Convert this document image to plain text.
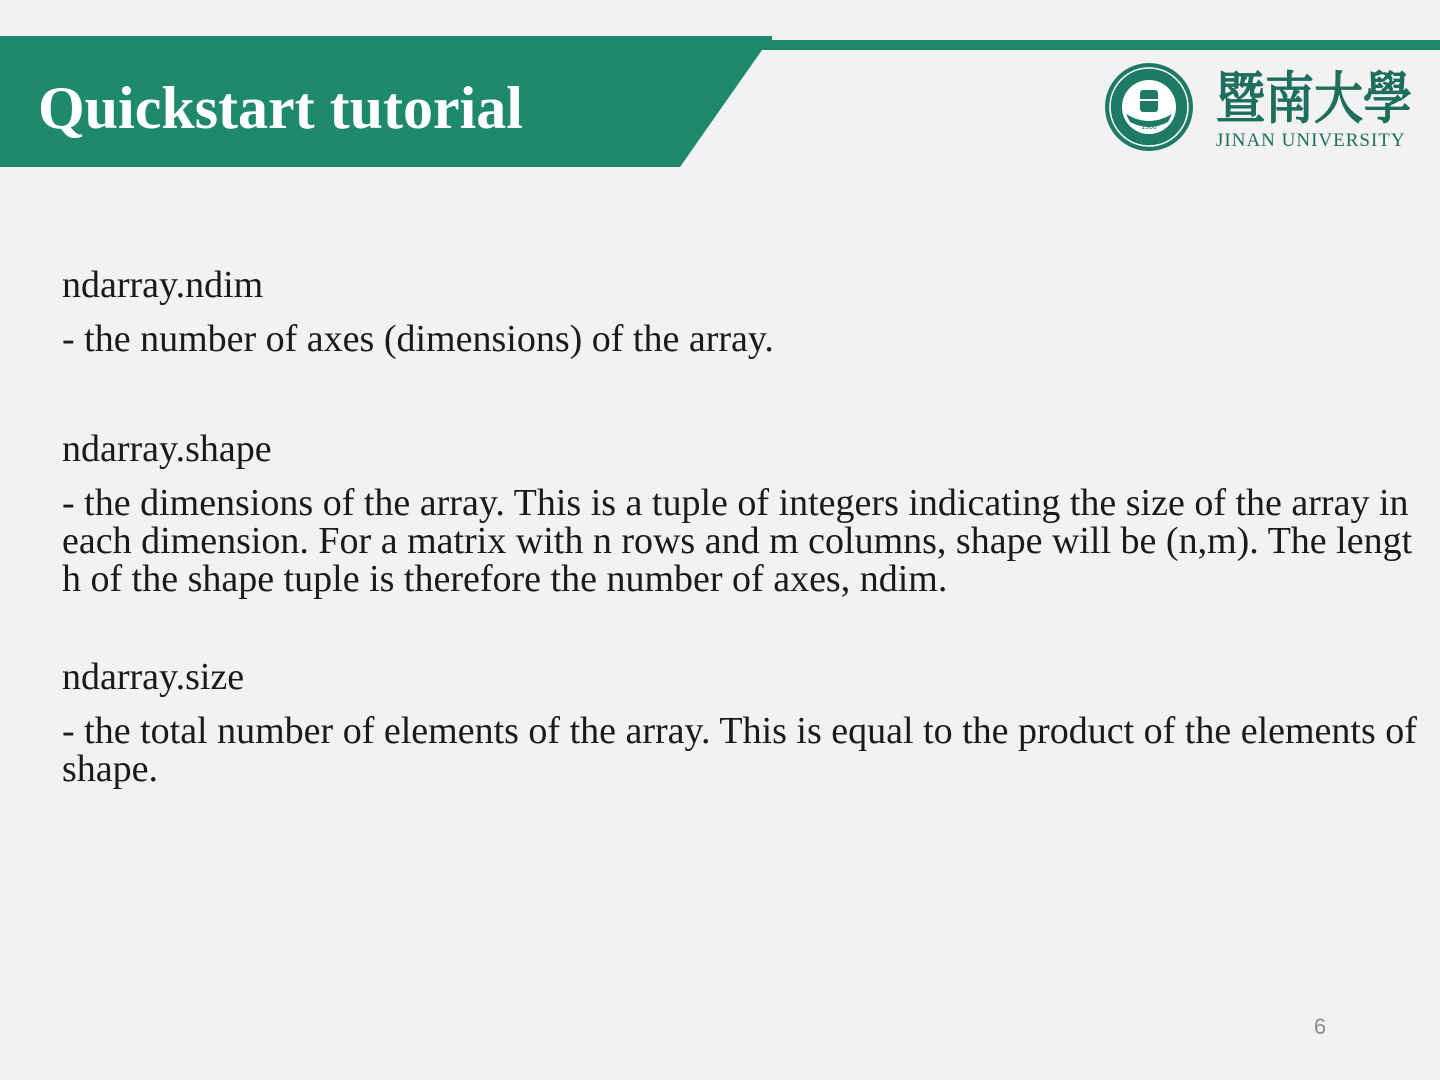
Quickstart tutorial	1906 暨南大學
JINAN UNIVERSITY

ndarray.ndim

- the number of axes (dimensions) of the array.

ndarray.shape

- the dimensions of the array. This is a tuple of integers indicating the size of the array in each dimension. For a matrix with n rows and m columns, shape will be (n,m). The length of the shape tuple is therefore the number of axes, ndim.

ndarray.size

- the total number of elements of the array. This is equal to the product of the elements of shape.

6
